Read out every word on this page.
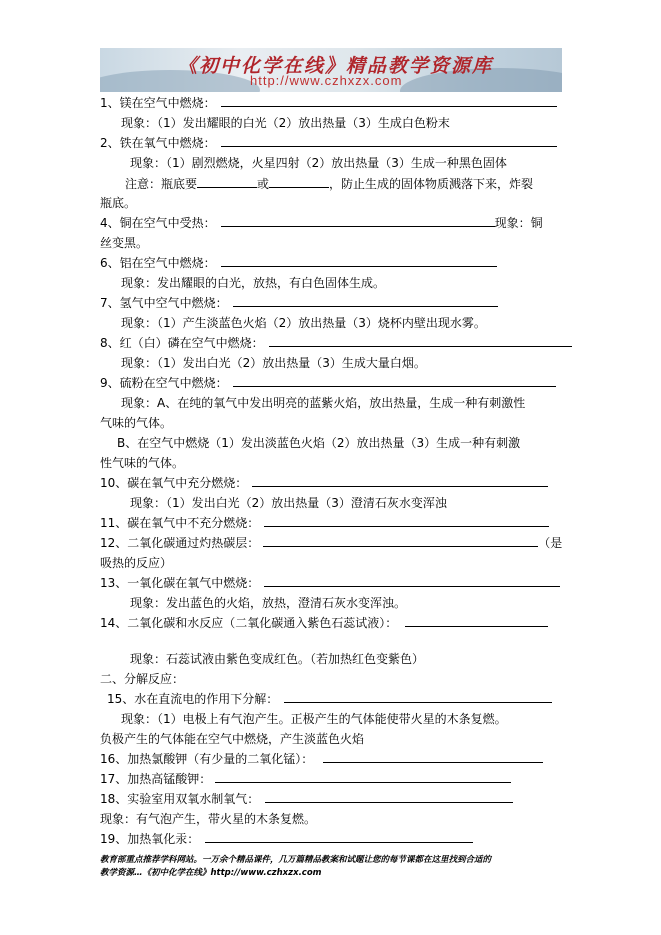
《初中化学在线》精品教学资源库
http://www.czhxzx.com
1、镁在空气中燃烧：
现象：（1）发出耀眼的白光（2）放出热量（3）生成白色粉末
2、铁在氧气中燃烧：
现象：（1）剧烈燃烧，火星四射（2）放出热量（3）生成一种黑色固体
注意：瓶底要	或	，防止生成的固体物质溅落下来，炸裂
瓶底。
4、铜在空气中受热：	现象：铜
丝变黑。
6、铝在空气中燃烧：
现象：发出耀眼的白光，放热，有白色固体生成。
7、氢气中空气中燃烧：
现象：（1）产生淡蓝色火焰（2）放出热量（3）烧杯内壁出现水雾。
8、红（白）磷在空气中燃烧：
现象：（1）发出白光（2）放出热量（3）生成大量白烟。
9、硫粉在空气中燃烧：
现象：A、在纯的氧气中发出明亮的蓝紫火焰，放出热量，生成一种有刺激性
气味的气体。
B、在空气中燃烧（1）发出淡蓝色火焰（2）放出热量（3）生成一种有刺激
性气味的气体。
10、碳在氧气中充分燃烧：
现象：（1）发出白光（2）放出热量（3）澄清石灰水变浑浊
11、碳在氧气中不充分燃烧：
12、二氧化碳通过灼热碳层：	（是
吸热的反应）
13、一氧化碳在氧气中燃烧：
现象：发出蓝色的火焰，放热，澄清石灰水变浑浊。
14、二氧化碳和水反应（二氧化碳通入紫色石蕊试液）：
现象：石蕊试液由紫色变成红色。（若加热红色变紫色）
二、分解反应：
15、水在直流电的作用下分解：
现象：（1）电极上有气泡产生。正极产生的气体能使带火星的木条复燃。
负极产生的气体能在空气中燃烧，产生淡蓝色火焰
16、加热氯酸钾（有少量的二氧化锰）：
17、加热高锰酸钾：
18、实验室用双氧水制氧气：
现象：有气泡产生，带火星的木条复燃。
19、加热氧化汞：
教育部重点推荐学科网站。一万余个精品课件，几万篇精品教案和试题让您的每节课都在这里找到合适的
教学资源…《初中化学在线》http://www.czhxzx.com
